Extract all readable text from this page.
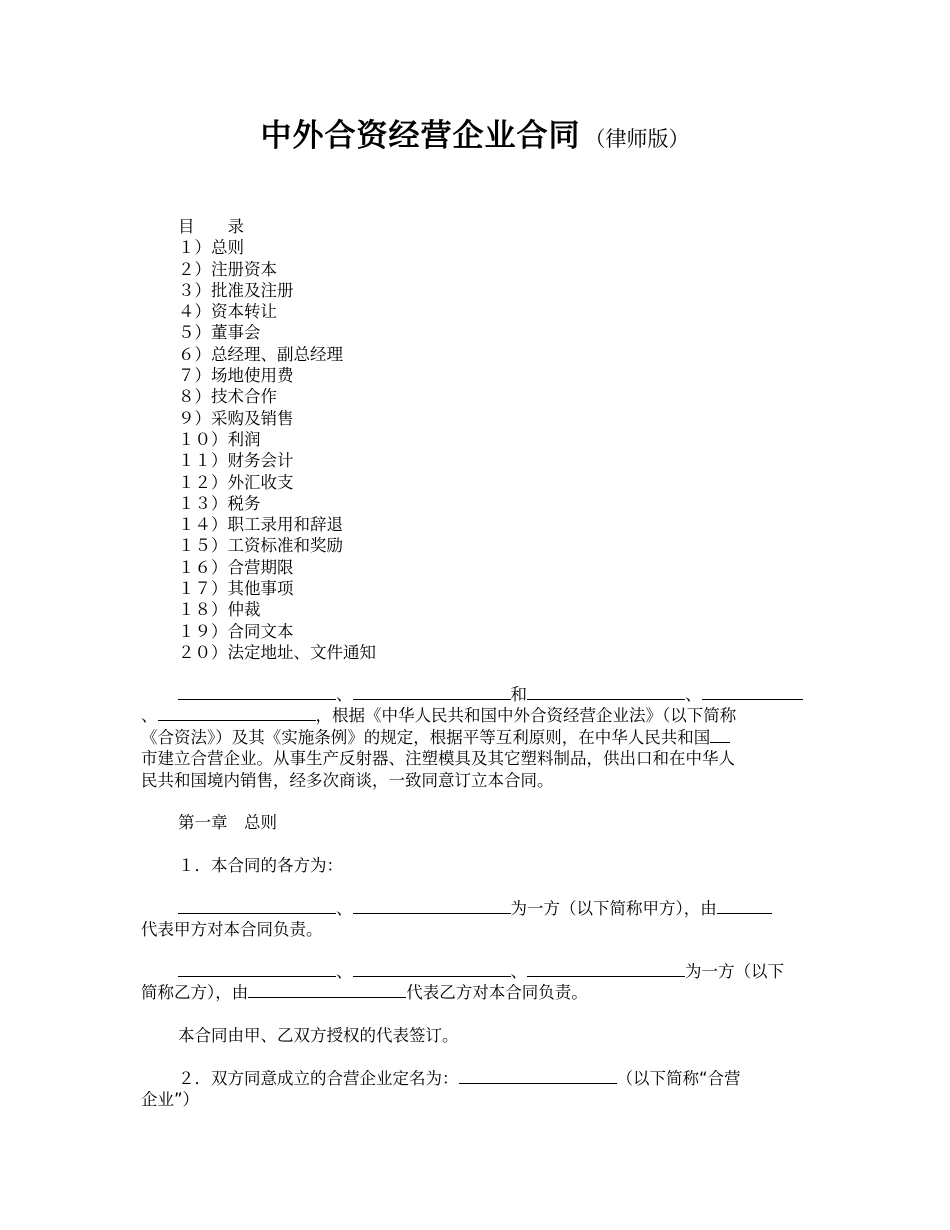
中外合资经营企业合同 （律师版）
目　　录
１）总则
２）注册资本
３）批准及注册
４）资本转让
５）董事会
６）总经理、副总经理
７）场地使用费
８）技术合作
９）采购及销售
１０）利润
１１）财务会计
１２）外汇收支
１３）税务
１４）职工录用和辞退
１５）工资标准和奖励
１６）合营期限
１７）其他事项
１８）仲裁
１９）合同文本
２０）法定地址、文件通知
、	和	、
、	，根据《中华人民共和国中外合资经营企业法》（以下简称
《合资法》）及其《实施条例》的规定，根据平等互利原则，在中华人民共和国
市建立合营企业。从事生产反射器、注塑模具及其它塑料制品，供出口和在中华人
民共和国境内销售，经多次商谈，一致同意订立本合同。
第一章　总则
１．本合同的各方为：
、	为一方（以下简称甲方），由
代表甲方对本合同负责。
、	、	为一方（以下
简称乙方），由	代表乙方对本合同负责。
本合同由甲、乙双方授权的代表签订。
２．双方同意成立的合营企业定名为：	（以下简称“合营
企业”）
